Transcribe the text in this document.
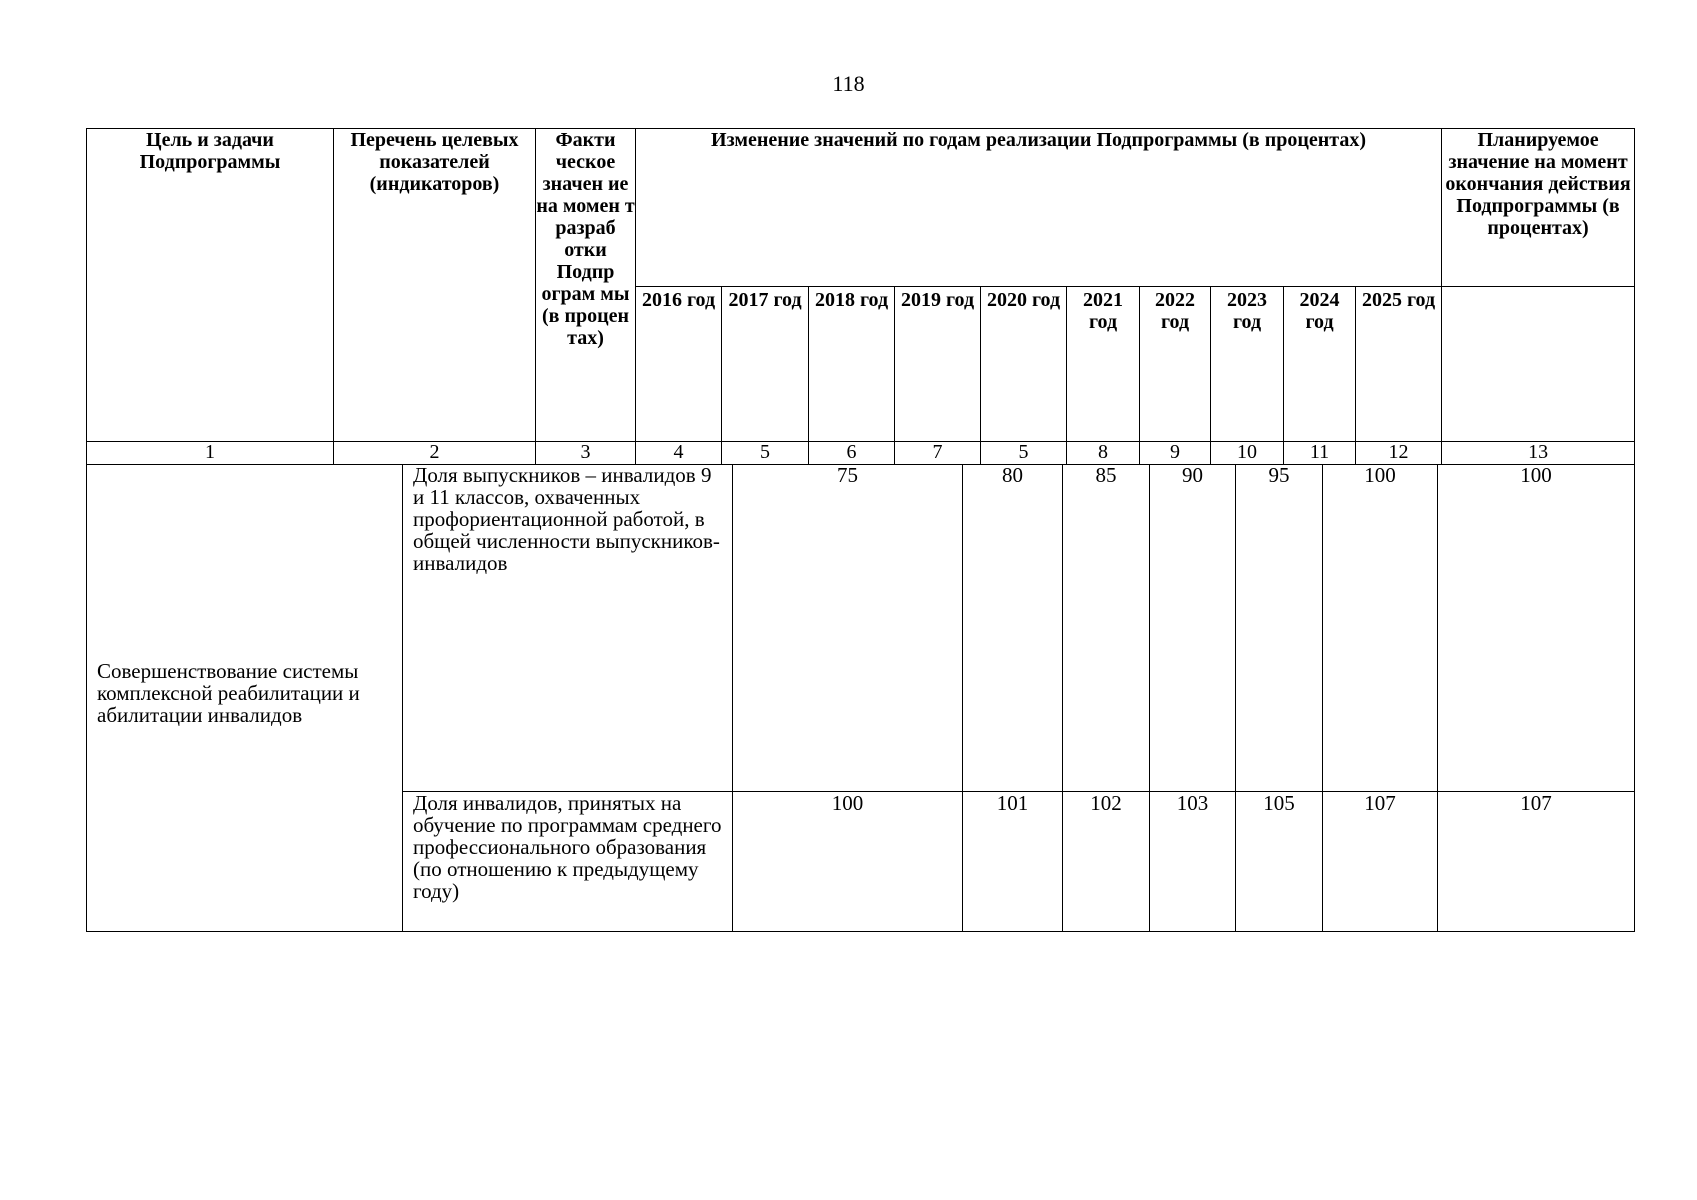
118
Цель и задачи Подпрограммы	Перечень целевых показателей (индикаторов)	Факти ческое значен ие на момен т разраб отки Подпр ограм мы (в процен тах)	Изменение значений по годам реализации Подпрограммы (в процентах)										Планируемое значение на момент окончания действия Подпрограммы (в процентах)
			2016 год	2017 год	2018 год	2019 год	2020 год	2021 год	2022 год	2023 год	2024 год	2025 год	
1	2	3	4	5	6	7	5	8	9	10	11	12	13
Совершенствование системы комплексной реабилитации и абилитации инвалидов	Доля выпускников – инвалидов 9 и 11 классов, охваченных профориентационной работой, в общей численности выпускников-инвалидов	75	80	85	90	95	100	100
	Доля инвалидов, принятых на обучение по программам среднего профессионального образования (по отношению к предыдущему году)	100	101	102	103	105	107	107
